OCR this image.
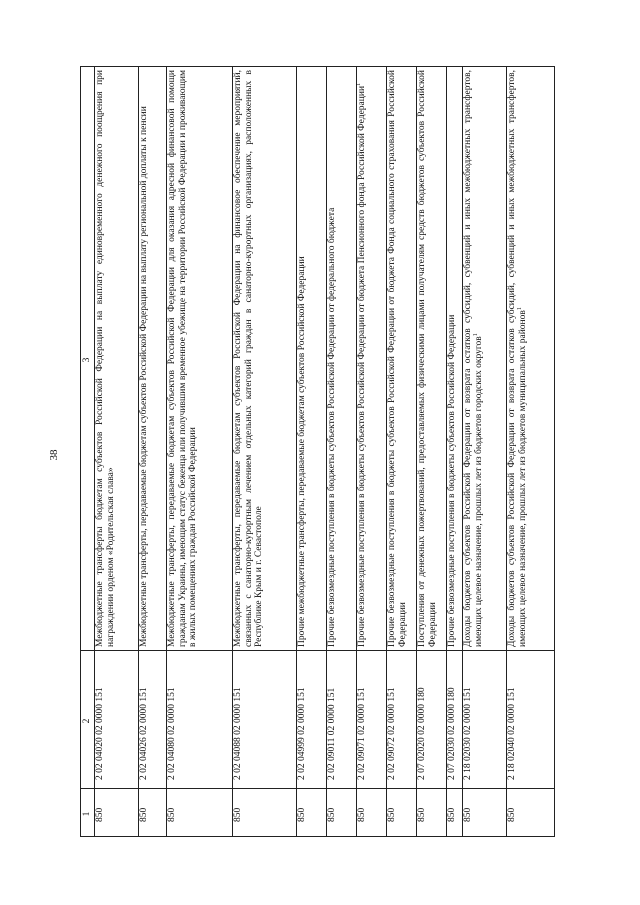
38
1	2	3
850	2 02 04020 02 0000 151	Межбюджетные трансферты бюджетам субъектов Российской Федерации на выплату единовременного денежного поощрения при награждении орденом «Родительская слава»
850	2 02 04026 02 0000 151	Межбюджетные трансферты, передаваемые бюджетам субъектов Российской Федерации на выплату региональной доплаты к пенсии
850	2 02 04080 02 0000 151	Межбюджетные трансферты, передаваемые бюджетам субъектов Российской Федерации для оказания адресной финансовой помощи гражданам Украины, имеющим статус беженца или получившим временное убежище на территории Российской Федерации и проживающим в жилых помещениях граждан Российской Федерации
850	2 02 04088 02 0000 151	Межбюджетные трансферты, передаваемые бюджетам субъектов Российской Федерации на финансовое обеспечение мероприятий, связанных с санаторно-курортным лечением отдельных категорий граждан в санаторно-курортных организациях, расположенных в Республике Крым и г. Севастополе
850	2 02 04999 02 0000 151	Прочие межбюджетные трансферты, передаваемые бюджетам субъектов Российской Федерации
850	2 02 09011 02 0000 151	Прочие безвозмездные поступления в бюджеты субъектов Российской Федерации от федерального бюджета
850	2 02 09071 02 0000 151	Прочие безвозмездные поступления в бюджеты субъектов Российской Федерации от бюджета Пенсионного фонда Российской Федерации$^1$
850	2 02 09072 02 0000 151	Прочие безвозмездные поступления в бюджеты субъектов Российской Федерации от бюджета Фонда социального страхования Российской Федерации
850	2 07 02020 02 0000 180	Поступления от денежных пожертвований, предоставляемых физическими лицами получателям средств бюджетов субъектов Российской Федерации
850	2 07 02030 02 0000 180	Прочие безвозмездные поступления в бюджеты субъектов Российской Федерации
850	2 18 02030 02 0000 151	Доходы бюджетов субъектов Российской Федерации от возврата остатков субсидий, субвенций и иных межбюджетных трансфертов, имеющих целевое назначение, прошлых лет из бюджетов городских округов$^1$
850	2 18 02040 02 0000 151	Доходы бюджетов субъектов Российской Федерации от возврата остатков субсидий, субвенций и иных межбюджетных трансфертов, имеющих целевое назначение, прошлых лет из бюджетов муниципальных районов$^1$
